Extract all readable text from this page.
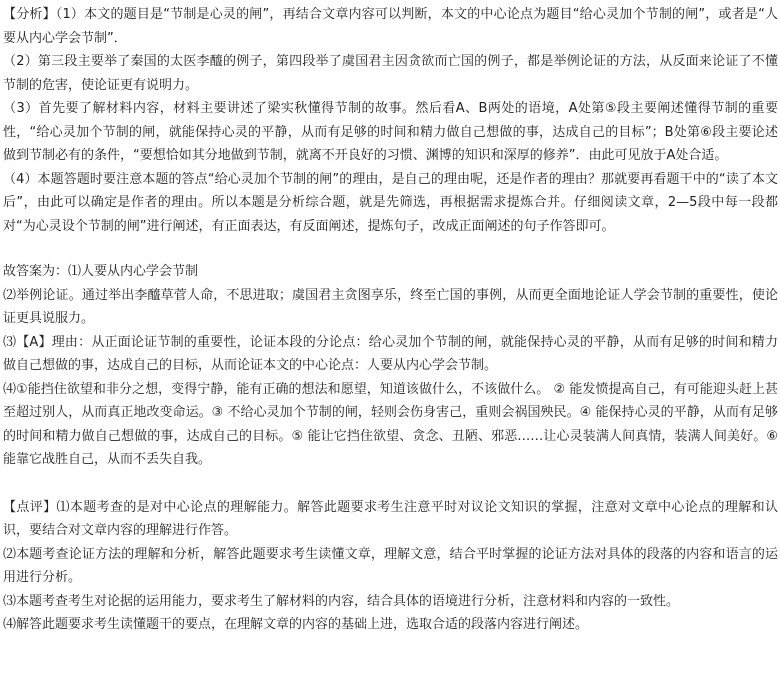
【分析】（1）本文的题目是“节制是心灵的闸”，再结合文章内容可以判断，本文的中心论点为题目“给心灵加个节制的闸”，或者是“人要从内心学会节制”．

（2）第三段主要举了秦国的太医李醯的例子，第四段举了虞国君主因贪欲而亡国的例子，都是举例论证的方法，从反面来论证了不懂节制的危害，使论证更有说明力。

（3）首先要了解材料内容，材料主要讲述了梁实秋懂得节制的故事。然后看A、B两处的语境，A处第⑤段主要阐述懂得节制的重要性，“给心灵加个节制的闸，就能保持心灵的平静，从而有足够的时间和精力做自己想做的事，达成自己的目标”；B处第⑥段主要论述做到节制必有的条件，“要想恰如其分地做到节制，就离不开良好的习惯、渊博的知识和深厚的修养”．由此可见放于A处合适。

（4）本题答题时要注意本题的答点“给心灵加个节制的闸”的理由，是自己的理由呢，还是作者的理由？那就要再看题干中的“读了本文后”，由此可以确定是作者的理由。所以本题是分析综合题，就是先筛选，再根据需求提炼合并。仔细阅读文章，2—5段中每一段都对“为心灵设个节制的闸”进行阐述，有正面表达，有反面阐述，提炼句子，改成正面阐述的句子作答即可。

故答案为：⑴人要从内心学会节制

⑵举例论证。通过举出李醯草菅人命，不思进取；虞国君主贪图享乐，终至亡国的事例，从而更全面地论证人学会节制的重要性，使论证更具说服力。

⑶【A】理由：从正面论证节制的重要性，论证本段的分论点：给心灵加个节制的闸，就能保持心灵的平静，从而有足够的时间和精力做自己想做的事，达成自己的目标，从而论证本文的中心论点：人要从内心学会节制。

⑷①能挡住欲望和非分之想，变得宁静，能有正确的想法和愿望，知道该做什么，不该做什么。 ② 能发愤提高自己，有可能迎头赶上甚至超过别人，从而真正地改变命运。③ 不给心灵加个节制的闸，轻则会伤身害己，重则会祸国殃民。④ 能保持心灵的平静，从而有足够的时间和精力做自己想做的事，达成自己的目标。⑤ 能让它挡住欲望、贪念、丑陋、邪恶……让心灵装满人间真情，装满人间美好。⑥能靠它战胜自己，从而不丢失自我。

【点评】⑴本题考查的是对中心论点的理解能力。解答此题要求考生注意平时对议论文知识的掌握，注意对文章中心论点的理解和认识，要结合对文章内容的理解进行作答。

⑵本题考查论证方法的理解和分析，解答此题要求考生读懂文章，理解文意，结合平时掌握的论证方法对具体的段落的内容和语言的运用进行分析。

⑶本题考查考生对论据的运用能力，要求考生了解材料的内容，结合具体的语境进行分析，注意材料和内容的一致性。

⑷解答此题要求考生读懂题干的要点，在理解文章的内容的基础上进，选取合适的段落内容进行阐述。
